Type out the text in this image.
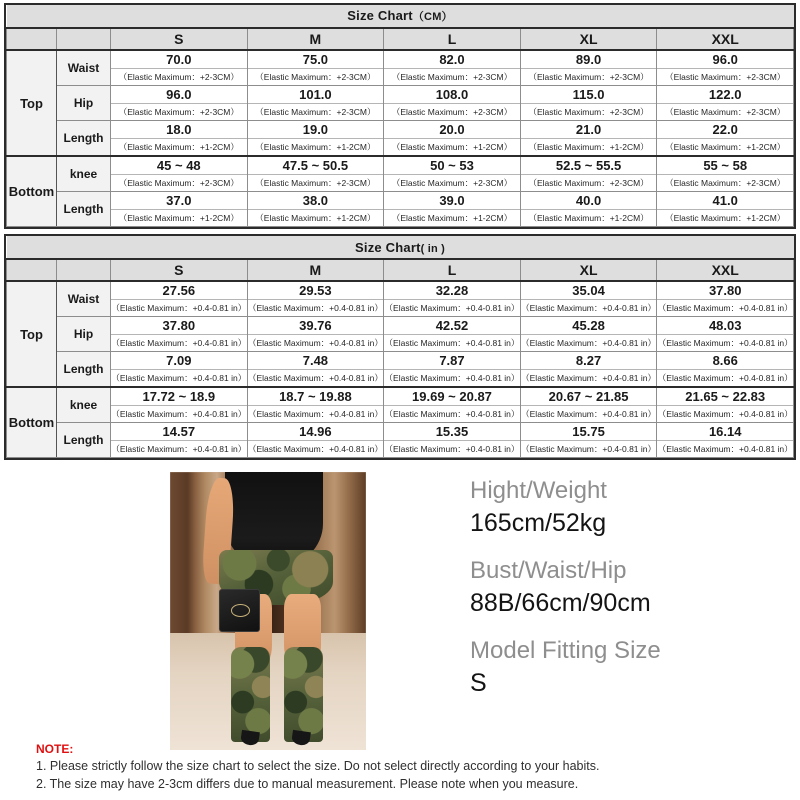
Size Chart（CM）						
		S	M	L	XL	XXL
Top	Waist	70.0	75.0	82.0	89.0	96.0
		（Elastic Maximum：+2-3CM）	（Elastic Maximum：+2-3CM）	（Elastic Maximum：+2-3CM）	（Elastic Maximum：+2-3CM）	（Elastic Maximum：+2-3CM）
	Hip	96.0	101.0	108.0	115.0	122.0
		（Elastic Maximum：+2-3CM）	（Elastic Maximum：+2-3CM）	（Elastic Maximum：+2-3CM）	（Elastic Maximum：+2-3CM）	（Elastic Maximum：+2-3CM）
	Length	18.0	19.0	20.0	21.0	22.0
		（Elastic Maximum：+1-2CM）	（Elastic Maximum：+1-2CM）	（Elastic Maximum：+1-2CM）	（Elastic Maximum：+1-2CM）	（Elastic Maximum：+1-2CM）
Bottom	knee	45 ~ 48	47.5 ~ 50.5	50 ~ 53	52.5 ~ 55.5	55 ~ 58
		（Elastic Maximum：+2-3CM）	（Elastic Maximum：+2-3CM）	（Elastic Maximum：+2-3CM）	（Elastic Maximum：+2-3CM）	（Elastic Maximum：+2-3CM）
	Length	37.0	38.0	39.0	40.0	41.0
		（Elastic Maximum：+1-2CM）	（Elastic Maximum：+1-2CM）	（Elastic Maximum：+1-2CM）	（Elastic Maximum：+1-2CM）	（Elastic Maximum：+1-2CM）
Size Chart( in )						
		S	M	L	XL	XXL
Top	Waist	27.56	29.53	32.28	35.04	37.80
		（Elastic Maximum：+0.4-0.81 in）	（Elastic Maximum：+0.4-0.81 in）	（Elastic Maximum：+0.4-0.81 in）	（Elastic Maximum：+0.4-0.81 in）	（Elastic Maximum：+0.4-0.81 in）
	Hip	37.80	39.76	42.52	45.28	48.03
		（Elastic Maximum：+0.4-0.81 in）	（Elastic Maximum：+0.4-0.81 in）	（Elastic Maximum：+0.4-0.81 in）	（Elastic Maximum：+0.4-0.81 in）	（Elastic Maximum：+0.4-0.81 in）
	Length	7.09	7.48	7.87	8.27	8.66
		（Elastic Maximum：+0.4-0.81 in）	（Elastic Maximum：+0.4-0.81 in）	（Elastic Maximum：+0.4-0.81 in）	（Elastic Maximum：+0.4-0.81 in）	（Elastic Maximum：+0.4-0.81 in）
Bottom	knee	17.72 ~ 18.9	18.7 ~ 19.88	19.69 ~ 20.87	20.67 ~ 21.85	21.65 ~ 22.83
		（Elastic Maximum：+0.4-0.81 in）	（Elastic Maximum：+0.4-0.81 in）	（Elastic Maximum：+0.4-0.81 in）	（Elastic Maximum：+0.4-0.81 in）	（Elastic Maximum：+0.4-0.81 in）
	Length	14.57	14.96	15.35	15.75	16.14
		（Elastic Maximum：+0.4-0.81 in）	（Elastic Maximum：+0.4-0.81 in）	（Elastic Maximum：+0.4-0.81 in）	（Elastic Maximum：+0.4-0.81 in）	（Elastic Maximum：+0.4-0.81 in）
Hight/Weight
165cm/52kg
Bust/Waist/Hip
88B/66cm/90cm
Model Fitting Size
S
NOTE:
1. Please strictly follow the size chart to select the size. Do not select directly according to your habits.
2. The size may have 2-3cm differs due to manual measurement. Please note when you measure.
